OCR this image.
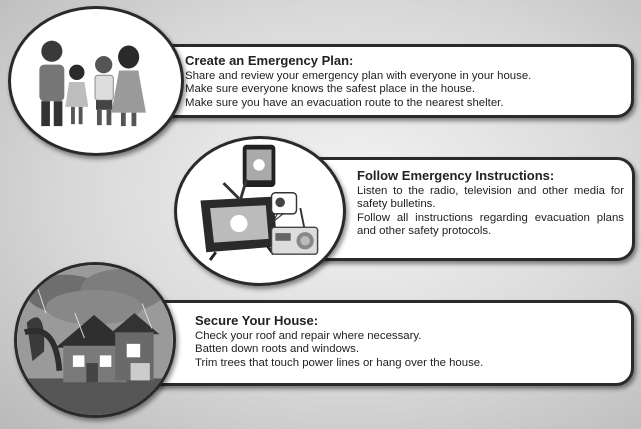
Create an Emergency Plan:

Share and review your emergency plan with everyone in your house.

Make sure everyone knows the safest place in the house.

Make sure you have an evacuation route to the nearest shelter.

Follow Emergency Instructions:

Listen to the radio, television and other media for safety bulletins.

Follow all instructions regarding evacuation plans and other safety protocols.

Secure Your House:

Check your roof and repair where necessary.

Batten down roots and windows.

Trim trees that touch power lines or hang over the house.
